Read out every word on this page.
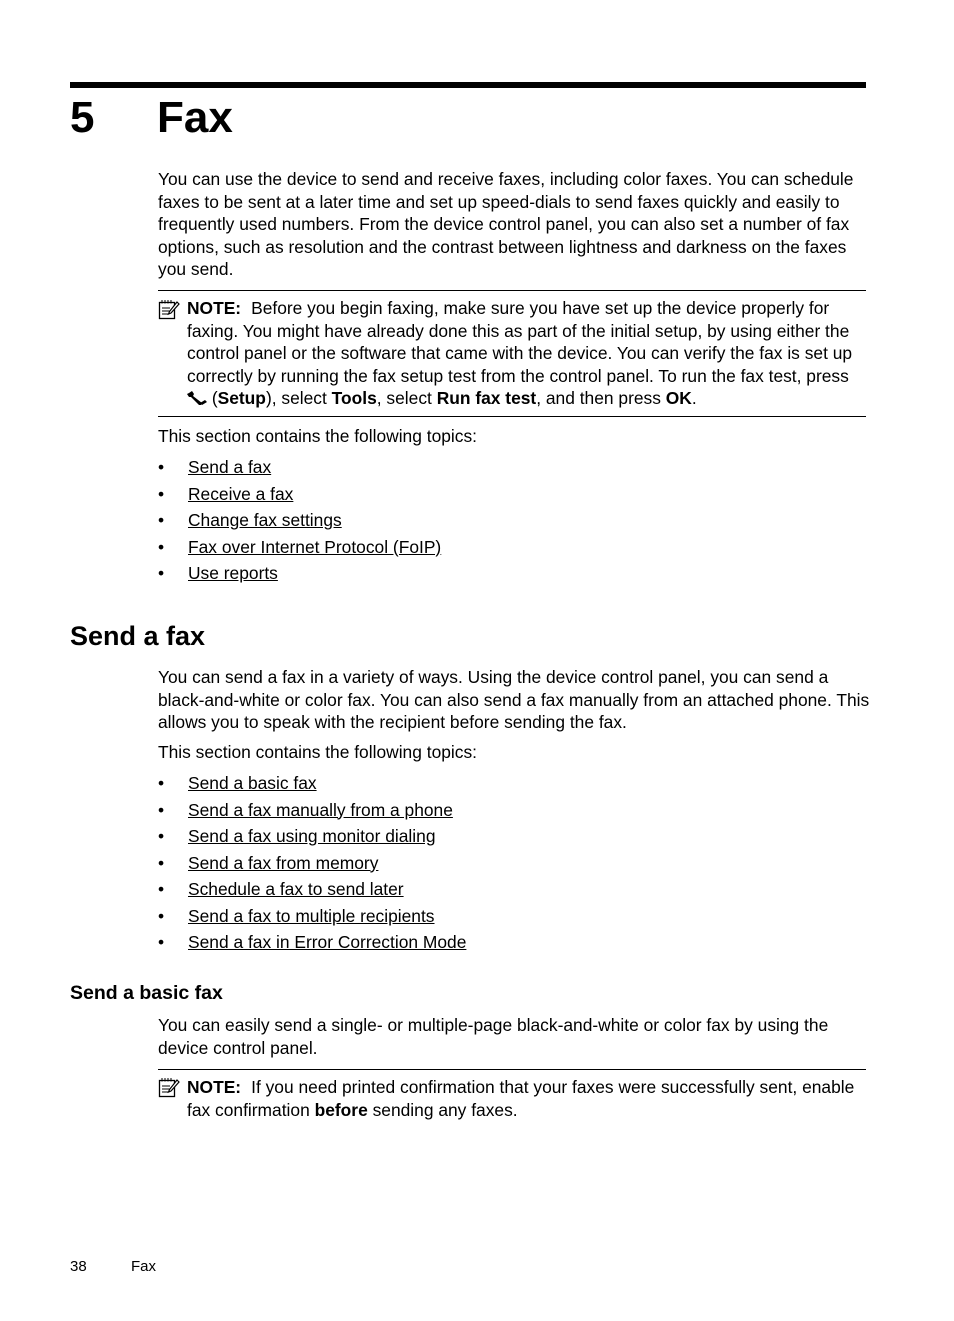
5 Fax
You can use the device to send and receive faxes, including color faxes. You can schedule faxes to be sent at a later time and set up speed-dials to send faxes quickly and easily to frequently used numbers. From the device control panel, you can also set a number of fax options, such as resolution and the contrast between lightness and darkness on the faxes you send.
NOTE: Before you begin faxing, make sure you have set up the device properly for faxing. You might have already done this as part of the initial setup, by using either the control panel or the software that came with the device. You can verify the fax is set up correctly by running the fax setup test from the control panel. To run the fax test, press  (Setup), select Tools, select Run fax test, and then press OK.
This section contains the following topics:
• Send a fax
• Receive a fax
• Change fax settings
• Fax over Internet Protocol (FoIP)
• Use reports
Send a fax
You can send a fax in a variety of ways. Using the device control panel, you can send a black-and-white or color fax. You can also send a fax manually from an attached phone. This allows you to speak with the recipient before sending the fax.
This section contains the following topics:
• Send a basic fax
• Send a fax manually from a phone
• Send a fax using monitor dialing
• Send a fax from memory
• Schedule a fax to send later
• Send a fax to multiple recipients
• Send a fax in Error Correction Mode
Send a basic fax
You can easily send a single- or multiple-page black-and-white or color fax by using the device control panel.
NOTE: If you need printed confirmation that your faxes were successfully sent, enable fax confirmation before sending any faxes.
38	Fax
